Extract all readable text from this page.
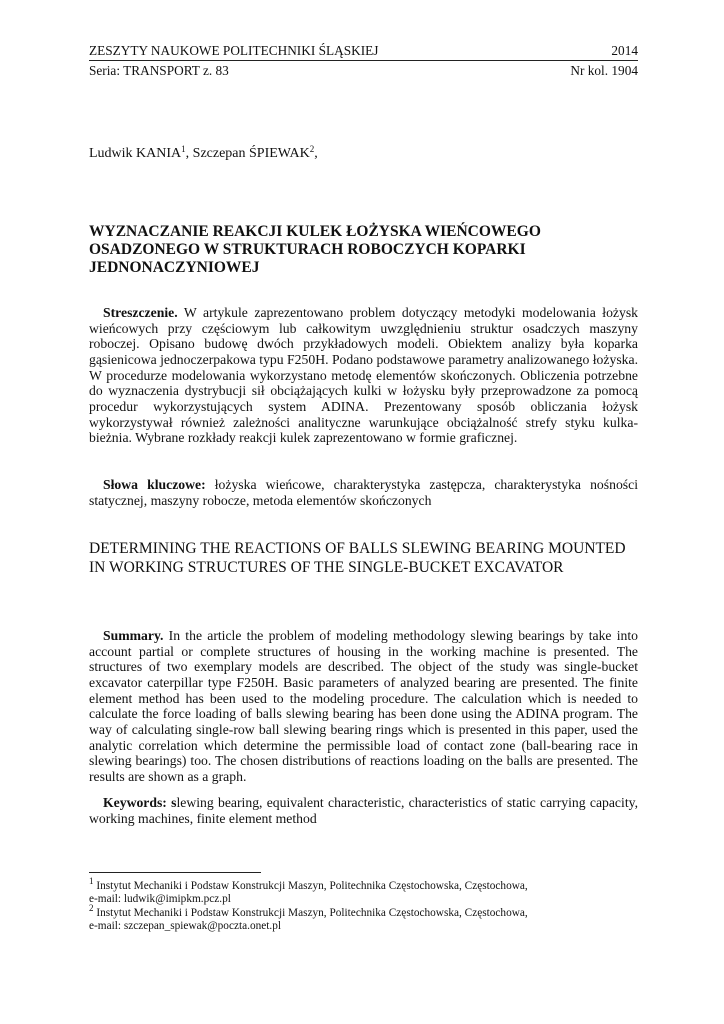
ZESZYTY NAUKOWE POLITECHNIKI ŚLĄSKIEJ	2014
Seria: TRANSPORT z. 83	Nr kol. 1904
Ludwik KANIA$^1$, Szczepan ŚPIEWAK$^2$,
WYZNACZANIE REAKCJI KULEK ŁOŻYSKA WIEŃCOWEGO OSADZONEGO W STRUKTURACH ROBOCZYCH KOPARKI JEDNONACZYNIOWEJ

Streszczenie. W artykule zaprezentowano problem dotyczący metodyki modelowania łożysk wieńcowych przy częściowym lub całkowitym uwzględnieniu struktur osadczych maszyny roboczej. Opisano budowę dwóch przykładowych modeli. Obiektem analizy była koparka gąsienicowa jednoczerpakowa typu F250H. Podano podstawowe parametry analizowanego łożyska. W procedurze modelowania wykorzystano metodę elementów skończonych. Obliczenia potrzebne do wyznaczenia dystrybucji sił obciążających kulki w łożysku były przeprowadzone za pomocą procedur wykorzystujących system ADINA. Prezentowany sposób obliczania łożysk wykorzystywał również zależności analityczne warunkujące obciążalność strefy styku kulka-bieżnia. Wybrane rozkłady reakcji kulek zaprezentowano w formie graficznej.

Słowa kluczowe: łożyska wieńcowe, charakterystyka zastępcza, charakterystyka nośności statycznej, maszyny robocze, metoda elementów skończonych

DETERMINING THE REACTIONS OF BALLS SLEWING BEARING MOUNTED IN WORKING STRUCTURES OF THE SINGLE-BUCKET EXCAVATOR

Summary. In the article the problem of modeling methodology slewing bearings by take into account partial or complete structures of housing in the working machine is presented. The structures of two exemplary models are described. The object of the study was single-bucket excavator caterpillar type F250H. Basic parameters of analyzed bearing are presented. The finite element method has been used to the modeling procedure. The calculation which is needed to calculate the force loading of balls slewing bearing has been done using the ADINA program. The way of calculating single-row ball slewing bearing rings which is presented in this paper, used the analytic correlation which determine the permissible load of contact zone (ball-bearing race in slewing bearings) too. The chosen distributions of reactions loading on the balls are presented. The results are shown as a graph.

Keywords: slewing bearing, equivalent characteristic, characteristics of static carrying capacity, working machines, finite element method

$^1$ Instytut Mechaniki i Podstaw Konstrukcji Maszyn, Politechnika Częstochowska, Częstochowa,
e-mail: ludwik@imipkm.pcz.pl

$^2$ Instytut Mechaniki i Podstaw Konstrukcji Maszyn, Politechnika Częstochowska, Częstochowa,
e-mail: szczepan_spiewak@poczta.onet.pl
